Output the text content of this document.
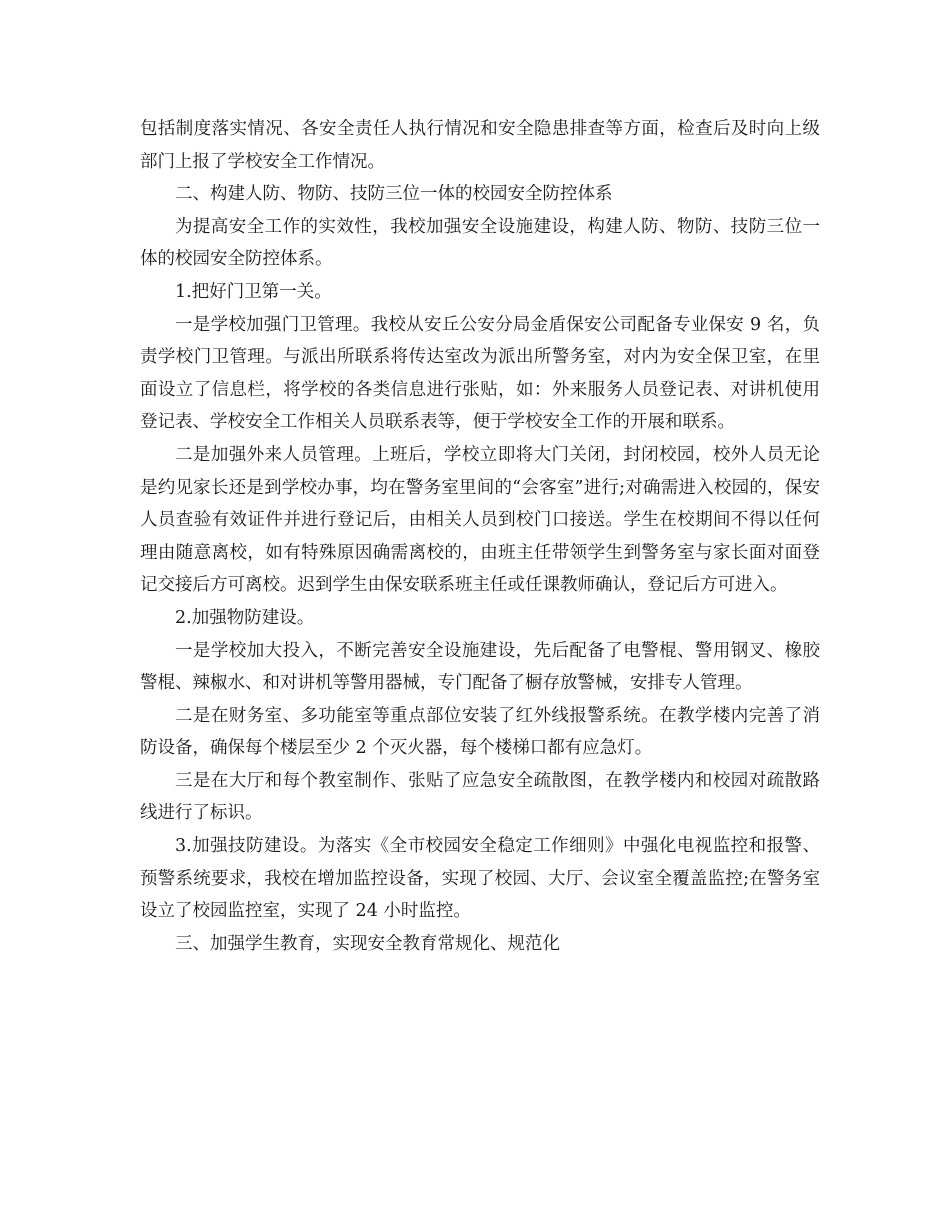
包括制度落实情况、各安全责任人执行情况和安全隐患排查等方面，检查后及时向上级部门上报了学校安全工作情况。

二、构建人防、物防、技防三位一体的校园安全防控体系

为提高安全工作的实效性，我校加强安全设施建设，构建人防、物防、技防三位一体的校园安全防控体系。

1.把好门卫第一关。

一是学校加强门卫管理。我校从安丘公安分局金盾保安公司配备专业保安 9 名，负责学校门卫管理。与派出所联系将传达室改为派出所警务室，对内为安全保卫室，在里面设立了信息栏，将学校的各类信息进行张贴，如：外来服务人员登记表、对讲机使用登记表、学校安全工作相关人员联系表等，便于学校安全工作的开展和联系。

二是加强外来人员管理。上班后，学校立即将大门关闭，封闭校园，校外人员无论是约见家长还是到学校办事，均在警务室里间的“会客室”进行;对确需进入校园的，保安人员查验有效证件并进行登记后，由相关人员到校门口接送。学生在校期间不得以任何理由随意离校，如有特殊原因确需离校的，由班主任带领学生到警务室与家长面对面登记交接后方可离校。迟到学生由保安联系班主任或任课教师确认，登记后方可进入。

2.加强物防建设。

一是学校加大投入，不断完善安全设施建设，先后配备了电警棍、警用钢叉、橡胶警棍、辣椒水、和对讲机等警用器械，专门配备了橱存放警械，安排专人管理。

二是在财务室、多功能室等重点部位安装了红外线报警系统。在教学楼内完善了消防设备，确保每个楼层至少 2 个灭火器，每个楼梯口都有应急灯。

三是在大厅和每个教室制作、张贴了应急安全疏散图，在教学楼内和校园对疏散路线进行了标识。

3.加强技防建设。为落实《全市校园安全稳定工作细则》中强化电视监控和报警、预警系统要求，我校在增加监控设备，实现了校园、大厅、会议室全覆盖监控;在警务室设立了校园监控室，实现了 24 小时监控。

三、加强学生教育，实现安全教育常规化、规范化
